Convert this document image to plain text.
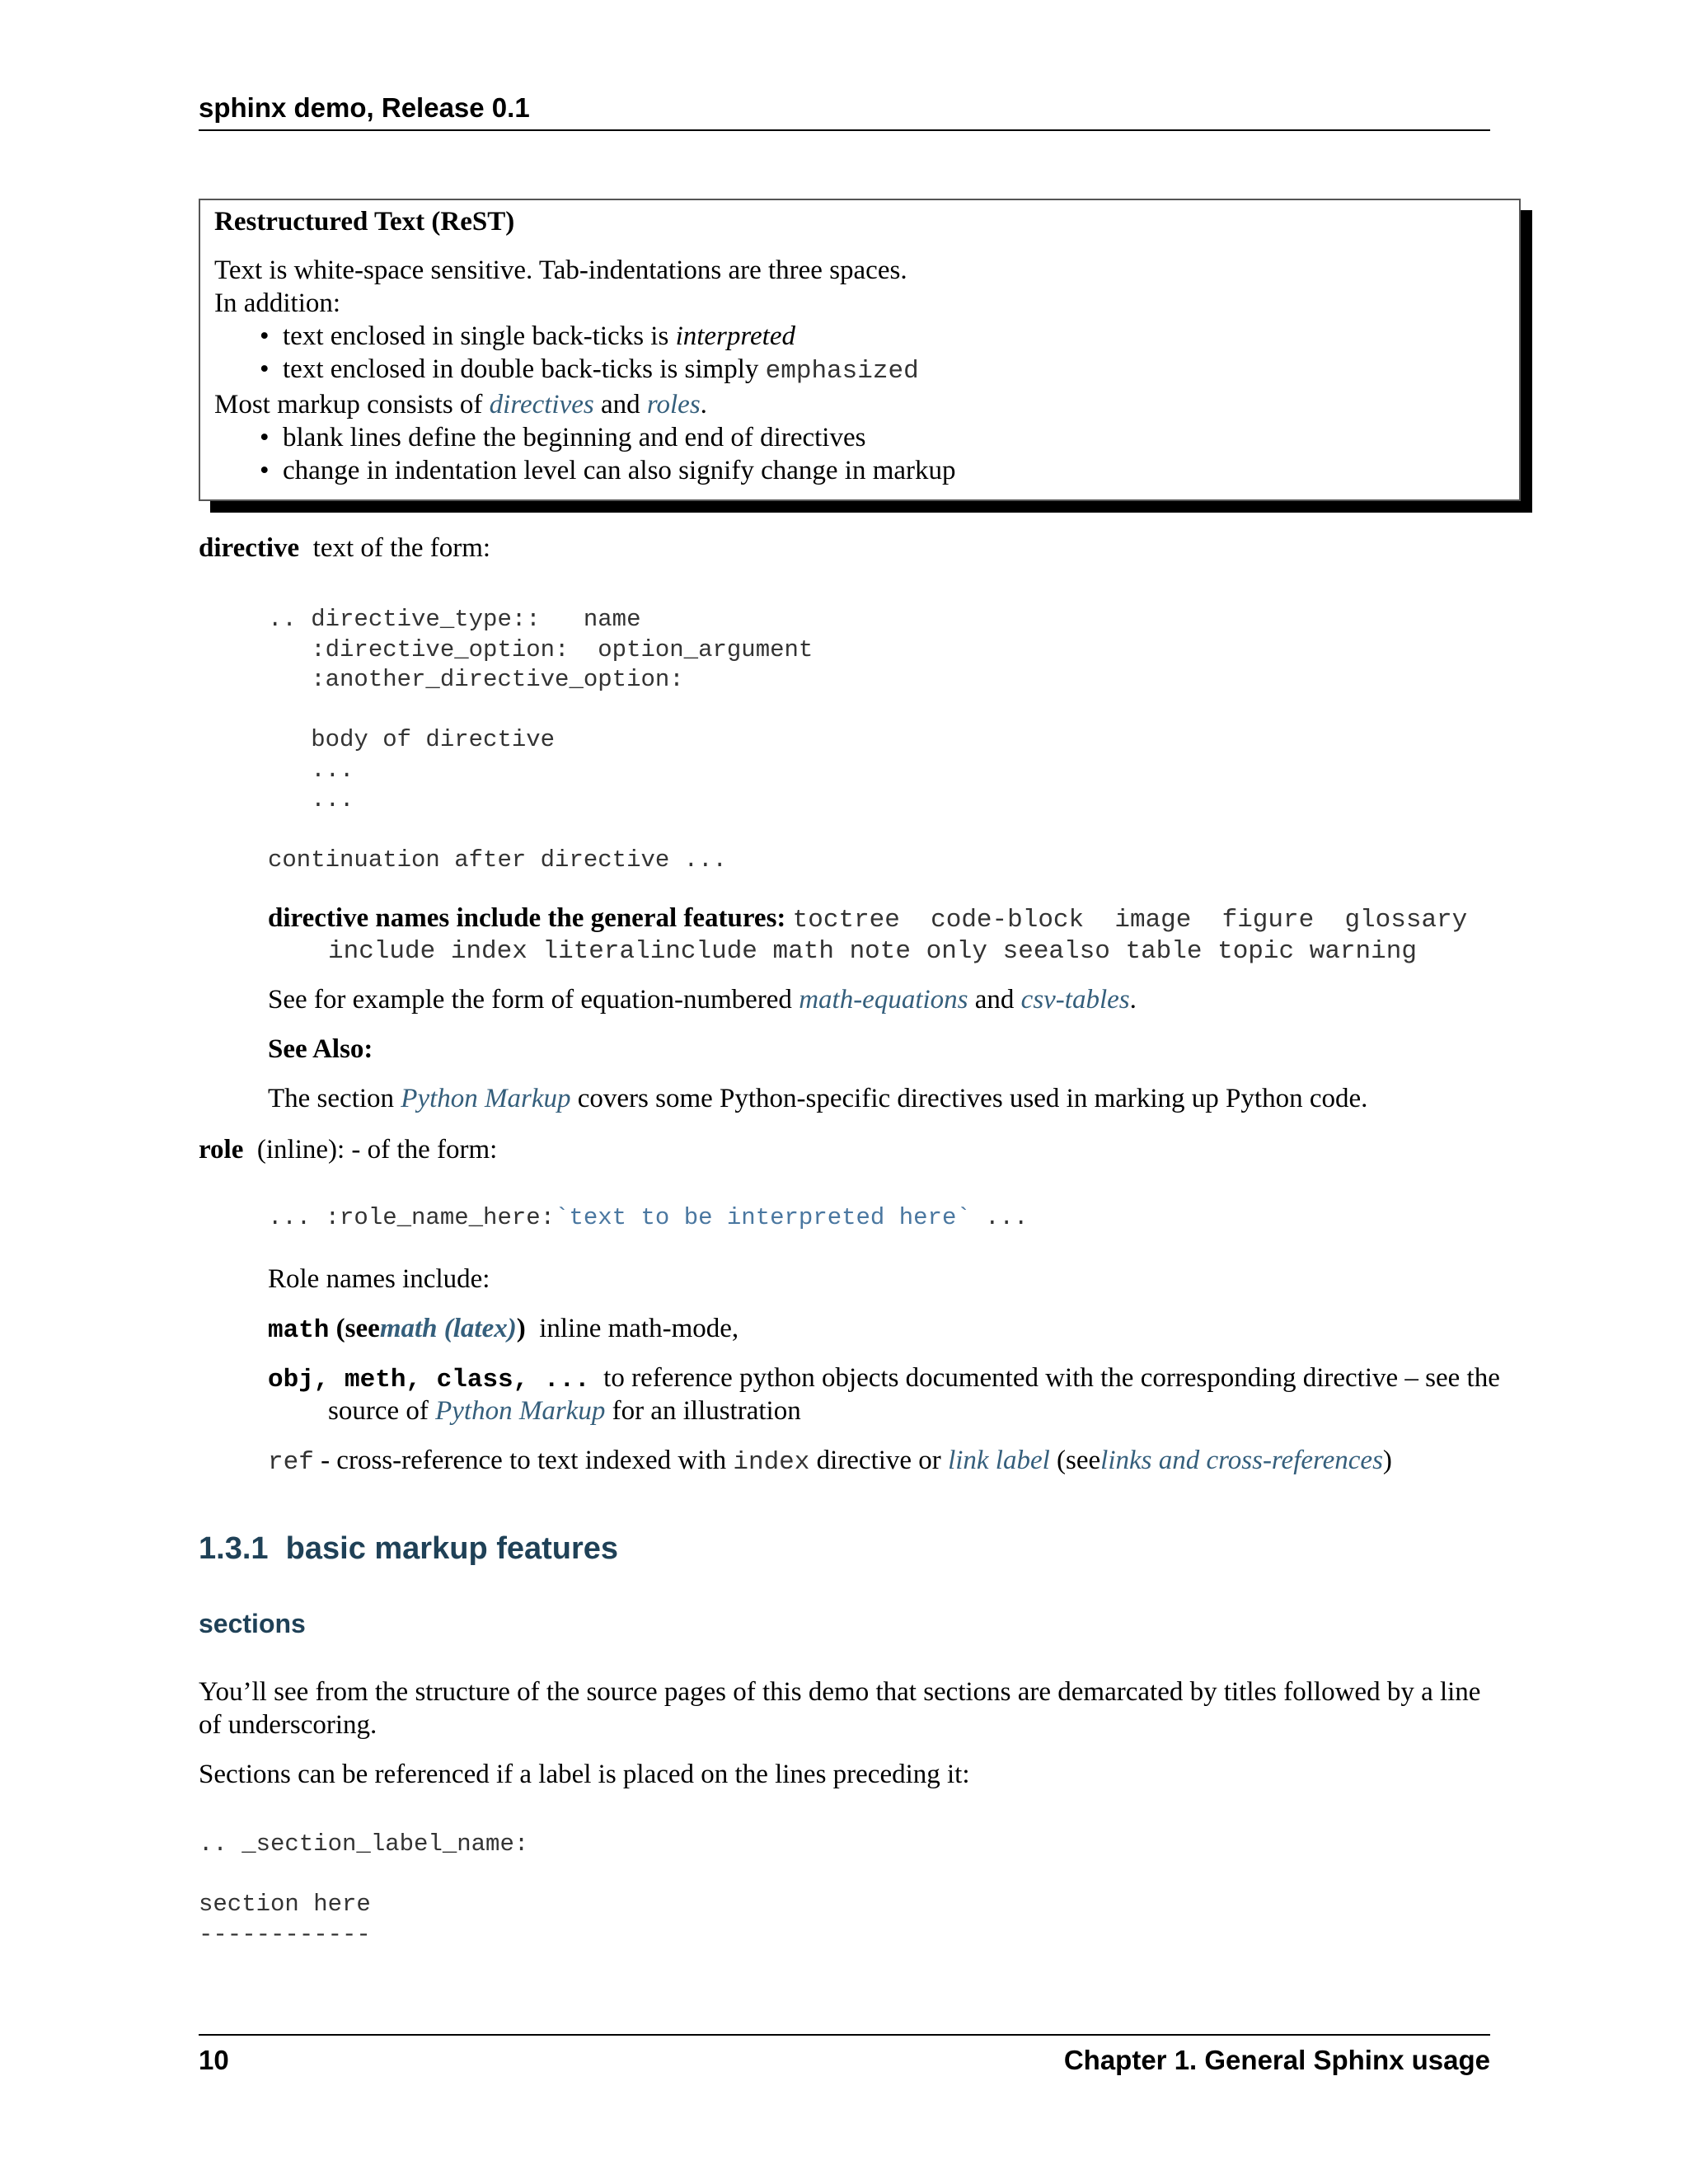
sphinx demo, Release 0.1
Restructured Text (ReST)
Text is white-space sensitive. Tab-indentations are three spaces.
In addition:
• text enclosed in single back-ticks is interpreted
• text enclosed in double back-ticks is simply emphasized
Most markup consists of directives and roles.
• blank lines define the beginning and end of directives
• change in indentation level can also signify change in markup
directive text of the form:
.. directive_type::   name
:directive_option:  option_argument
:another_directive_option:

body of directive
...
...

continuation after directive ...
directive names include the general features: toctree code-block image figure glossary
include index literalinclude math note only seealso table topic warning
See for example the form of equation-numbered math-equations and csv-tables.
See Also:
The section Python Markup covers some Python-specific directives used in marking up Python code.
role (inline): - of the form:
... :role_name_here:`text to be interpreted here` ...
Role names include:
math (seemath (latex)) inline math-mode,
obj, meth, class, ... to reference python objects documented with the corresponding directive – see the
source of Python Markup for an illustration
ref - cross-reference to text indexed with index directive or link label (seelinks and cross-references)
1.3.1 basic markup features
sections
You’ll see from the structure of the source pages of this demo that sections are demarcated by titles followed by a line
of underscoring.
Sections can be referenced if a label is placed on the lines preceding it:
.. _section_label_name:

section here
------------
10	Chapter 1. General Sphinx usage
